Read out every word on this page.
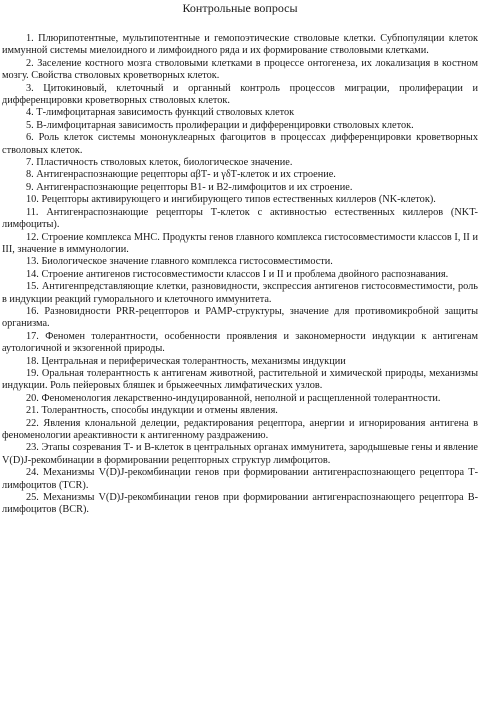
Контрольные вопросы

1. Плюрипотентные, мультипотентные и гемопоэтические стволовые клетки. Субпопуляции клеток иммунной системы миелоидного и лимфоидного ряда и их формирование стволовыми клетками.

2. Заселение костного мозга стволовыми клетками в процессе онтогенеза, их локализация в костном мозгу. Свойства стволовых кроветворных клеток.

3. Цитокиновый, клеточный и органный контроль процессов миграции, пролиферации и дифференцировки кроветворных стволовых клеток.

4. Т-лимфоцитарная зависимость функций стволовых клеток

5. В-лимфоцитарная зависимость пролиферации и дифференцировки стволовых клеток.

6. Роль клеток системы мононуклеарных фагоцитов в процессах дифференцировки кроветворных стволовых клеток.

7. Пластичность стволовых клеток, биологическое значение.

8. Антигенраспознающие рецепторы αβТ- и γδТ-клеток и их строение.

9. Антигенраспознающие рецепторы В1- и В2-лимфоцитов и их строение.

10. Рецепторы активирующего и ингибирующего типов естественных киллеров (NK-клеток).

11. Антигенраспознающие рецепторы Т-клеток с активностью естественных киллеров (NKT-лимфоциты).

12. Строение комплекса МНС. Продукты генов главного комплекса гистосовместимости классов I, II и III, значение в иммунологии.

13. Биологическое значение главного комплекса гистосовместимости.

14. Строение антигенов гистосовместимости классов I и II и проблема двойного распознавания.

15. Антигенпредставляющие клетки, разновидности, экспрессия антигенов гистосовместимости, роль в индукции реакций гуморального и клеточного иммунитета.

16. Разновидности PRR-рецепторов и PAMP-структуры, значение для противомикробной защиты организма.

17. Феномен толерантности, особенности проявления и закономерности индукции к антигенам аутологичной и экзогенной природы.

18. Центральная и периферическая толерантность, механизмы индукции

19. Оральная толерантность к антигенам животной, растительной и химической природы, механизмы индукции. Роль пейеровых бляшек и брыжеечных лимфатических узлов.

20. Феноменология лекарственно-индуцированной, неполной и расщепленной толерантности.

21. Толерантность, способы индукции и отмены явления.

22. Явления клональной делеции, редактирования рецептора, анергии и игнорирования антигена в феноменологии ареактивности к антигенному раздражению.

23. Этапы созревания Т- и В-клеток в центральных органах иммунитета, зародышевые гены и явление V(D)J-рекомбинации в формировании рецепторных структур лимфоцитов.

24. Механизмы V(D)J-рекомбинации генов при формировании антигенраспознающего рецептора Т-лимфоцитов (TCR).

25. Механизмы V(D)J-рекомбинации генов при формировании антигенраспознающего рецептора В-лимфоцитов (BCR).
